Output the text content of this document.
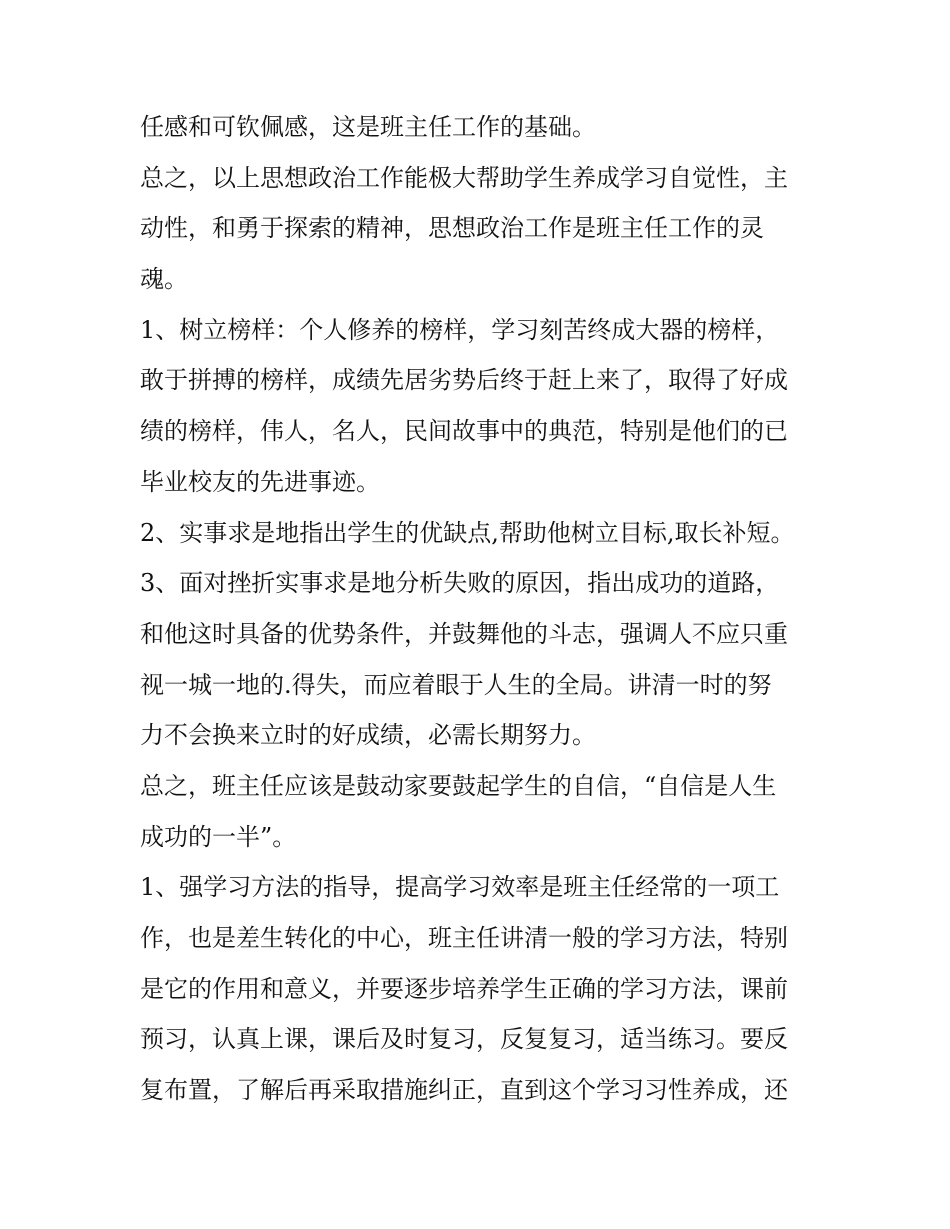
任感和可钦佩感，这是班主任工作的基础。
总之，以上思想政治工作能极大帮助学生养成学习自觉性，主
动性，和勇于探索的精神，思想政治工作是班主任工作的灵
魂。
1、树立榜样：个人修养的榜样，学习刻苦终成大器的榜样，
敢于拼搏的榜样，成绩先居劣势后终于赶上来了，取得了好成
绩的榜样，伟人，名人，民间故事中的典范，特别是他们的已
毕业校友的先进事迹。
2、实事求是地指出学生的优缺点,帮助他树立目标,取长补短。
3、面对挫折实事求是地分析失败的原因，指出成功的道路，
和他这时具备的优势条件，并鼓舞他的斗志，强调人不应只重
视一城一地的.得失，而应着眼于人生的全局。讲清一时的努
力不会换来立时的好成绩，必需长期努力。
总之，班主任应该是鼓动家要鼓起学生的自信，“自信是人生
成功的一半”。
1、强学习方法的指导，提高学习效率是班主任经常的一项工
作，也是差生转化的中心，班主任讲清一般的学习方法，特别
是它的作用和意义，并要逐步培养学生正确的学习方法，课前
预习，认真上课，课后及时复习，反复复习，适当练习。要反
复布置，了解后再采取措施纠正，直到这个学习习性养成，还
